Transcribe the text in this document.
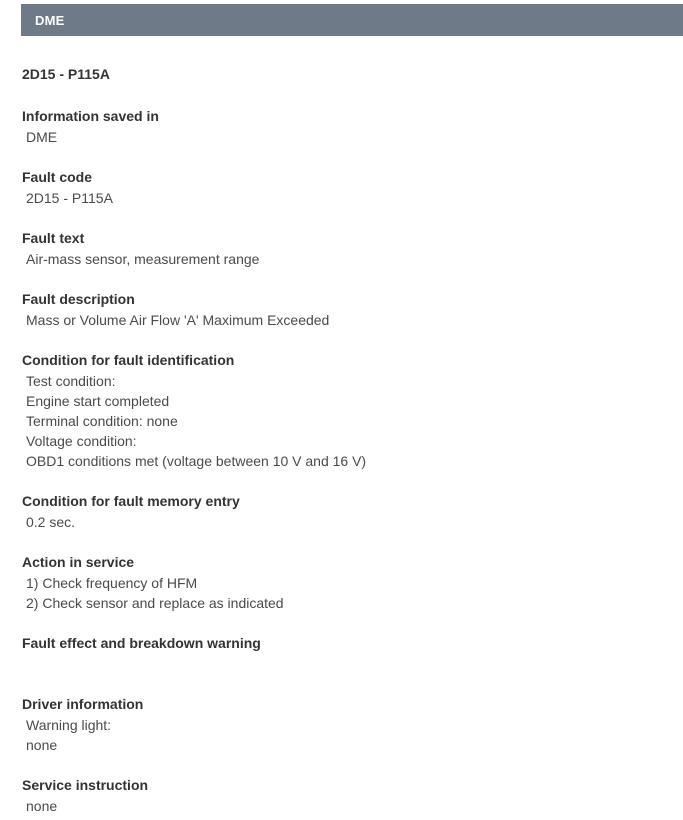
DME
2D15 - P115A
Information saved in
DME
Fault code
2D15 - P115A
Fault text
Air-mass sensor, measurement range
Fault description
Mass or Volume Air Flow 'A' Maximum Exceeded
Condition for fault identification
Test condition:
Engine start completed
Terminal condition: none
Voltage condition:
OBD1 conditions met (voltage between 10 V and 16 V)
Condition for fault memory entry
0.2 sec.
Action in service
1) Check frequency of HFM
2) Check sensor and replace as indicated
Fault effect and breakdown warning
Driver information
Warning light:
none
Service instruction
none
